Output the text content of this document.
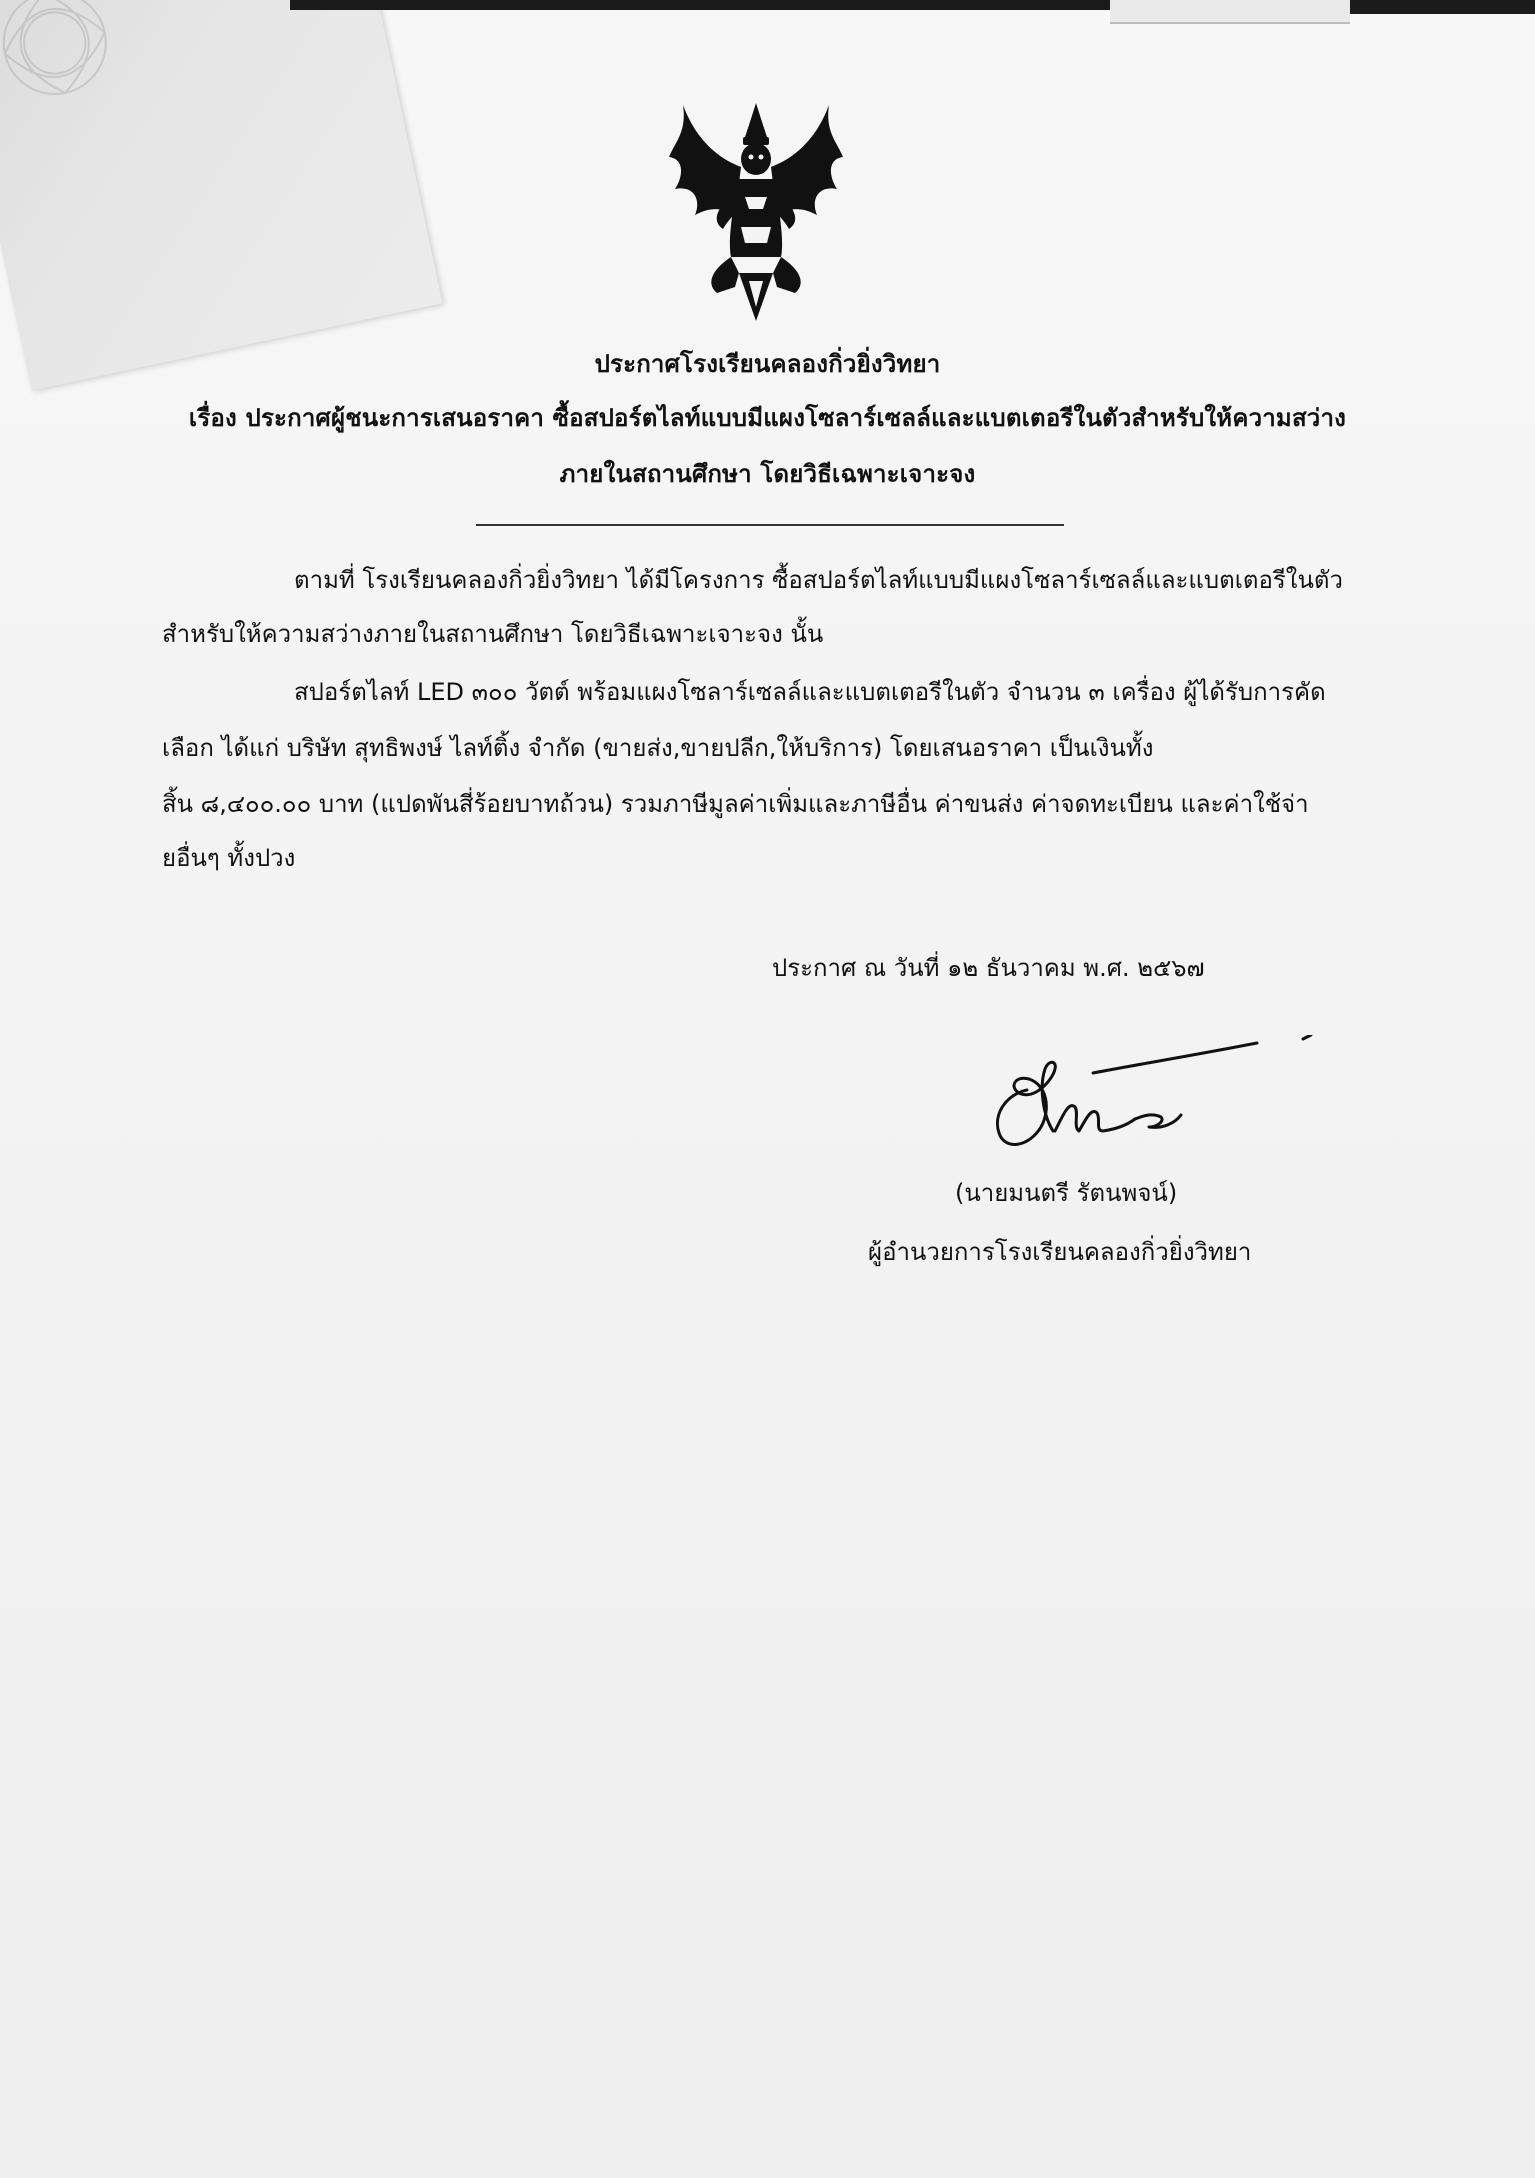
ประกาศโรงเรียนคลองกิ่วยิ่งวิทยา
เรื่อง ประกาศผู้ชนะการเสนอราคา ซื้อสปอร์ตไลท์แบบมีแผงโซลาร์เซลล์และแบตเตอรีในตัวสำหรับให้ความสว่าง
ภายในสถานศึกษา โดยวิธีเฉพาะเจาะจง
ตามที่ โรงเรียนคลองกิ่วยิ่งวิทยา ได้มีโครงการ ซื้อสปอร์ตไลท์แบบมีแผงโซลาร์เซลล์และแบตเตอรีในตัว
สำหรับให้ความสว่างภายในสถานศึกษา โดยวิธีเฉพาะเจาะจง นั้น
สปอร์ตไลท์ LED ๓๐๐ วัตต์ พร้อมแผงโซลาร์เซลล์และแบตเตอรีในตัว จำนวน ๓ เครื่อง ผู้ได้รับการคัด
เลือก ได้แก่ บริษัท สุทธิพงษ์ ไลท์ติ้ง จำกัด (ขายส่ง,ขายปลีก,ให้บริการ) โดยเสนอราคา เป็นเงินทั้ง
สิ้น ๘,๔๐๐.๐๐ บาท (แปดพันสี่ร้อยบาทถ้วน) รวมภาษีมูลค่าเพิ่มและภาษีอื่น ค่าขนส่ง ค่าจดทะเบียน และค่าใช้จ่า
ยอื่นๆ ทั้งปวง
ประกาศ ณ วันที่ ๑๒ ธันวาคม พ.ศ. ๒๕๖๗
(นายมนตรี รัตนพจน์)
ผู้อำนวยการโรงเรียนคลองกิ่วยิ่งวิทยา
